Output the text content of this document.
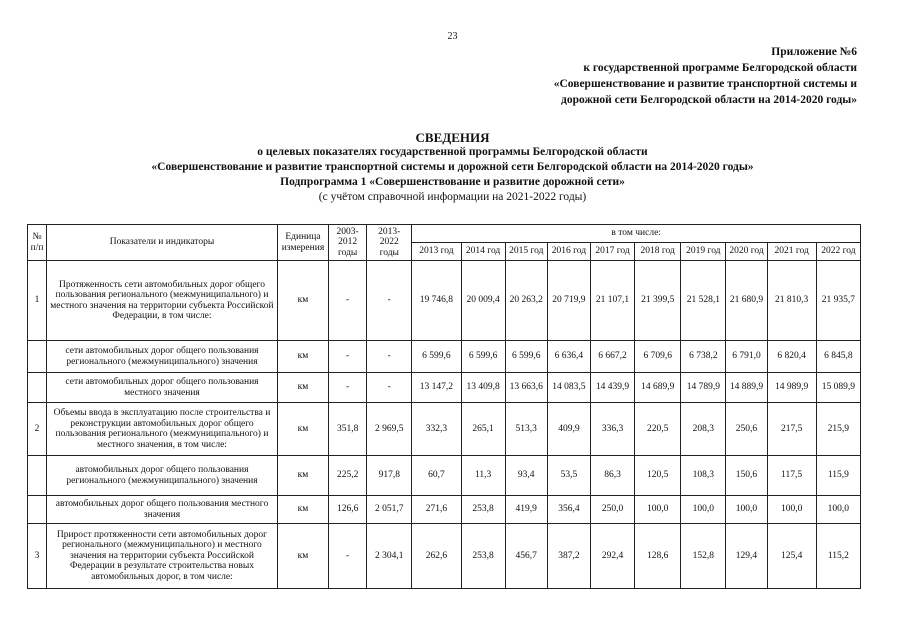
23
Приложение №6
к государственной программе Белгородской области
«Совершенствование и развитие транспортной системы и
дорожной сети Белгородской области на 2014-2020 годы»
СВЕДЕНИЯ
о целевых показателях государственной программы Белгородской области
«Совершенствование и развитие транспортной системы и дорожной сети Белгородской области на 2014-2020 годы»
Подпрограмма 1 «Совершенствование и развитие дорожной сети»
(с учётом справочной информации на 2021-2022 годы)
№ п/п	Показатели и индикаторы	Единица измерения	2003- 2012 годы	2013- 2022 годы	в том числе:									
					2013 год	2014 год	2015 год	2016 год	2017 год	2018 год	2019 год	2020 год	2021 год	2022 год
1	Протяженность сети автомобильных дорог общего пользования регионального (межмуниципального) и местного значения на территории субъекта Российской Федерации, в том числе:	км	-	-	19 746,8	20 009,4	20 263,2	20 719,9	21 107,1	21 399,5	21 528,1	21 680,9	21 810,3	21 935,7
	сети автомобильных дорог общего пользования регионального (межмуниципального) значения	км	-	-	6 599,6	6 599,6	6 599,6	6 636,4	6 667,2	6 709,6	6 738,2	6 791,0	6 820,4	6 845,8
	сети автомобильных дорог общего пользования местного значения	км	-	-	13 147,2	13 409,8	13 663,6	14 083,5	14 439,9	14 689,9	14 789,9	14 889,9	14 989,9	15 089,9
2	Объемы ввода в эксплуатацию после строительства и реконструкции автомобильных дорог общего пользования регионального (межмуниципального) и местного значения, в том числе:	км	351,8	2 969,5	332,3	265,1	513,3	409,9	336,3	220,5	208,3	250,6	217,5	215,9
	автомобильных дорог общего пользования регионального (межмуниципального) значения	км	225,2	917,8	60,7	11,3	93,4	53,5	86,3	120,5	108,3	150,6	117,5	115,9
	автомобильных дорог общего пользования местного значения	км	126,6	2 051,7	271,6	253,8	419,9	356,4	250,0	100,0	100,0	100,0	100,0	100,0
3	Прирост протяженности сети автомобильных дорог регионального (межмуниципального) и местного значения на территории субъекта Российской Федерации в результате строительства новых автомобильных дорог, в том числе:	км	-	2 304,1	262,6	253,8	456,7	387,2	292,4	128,6	152,8	129,4	125,4	115,2
